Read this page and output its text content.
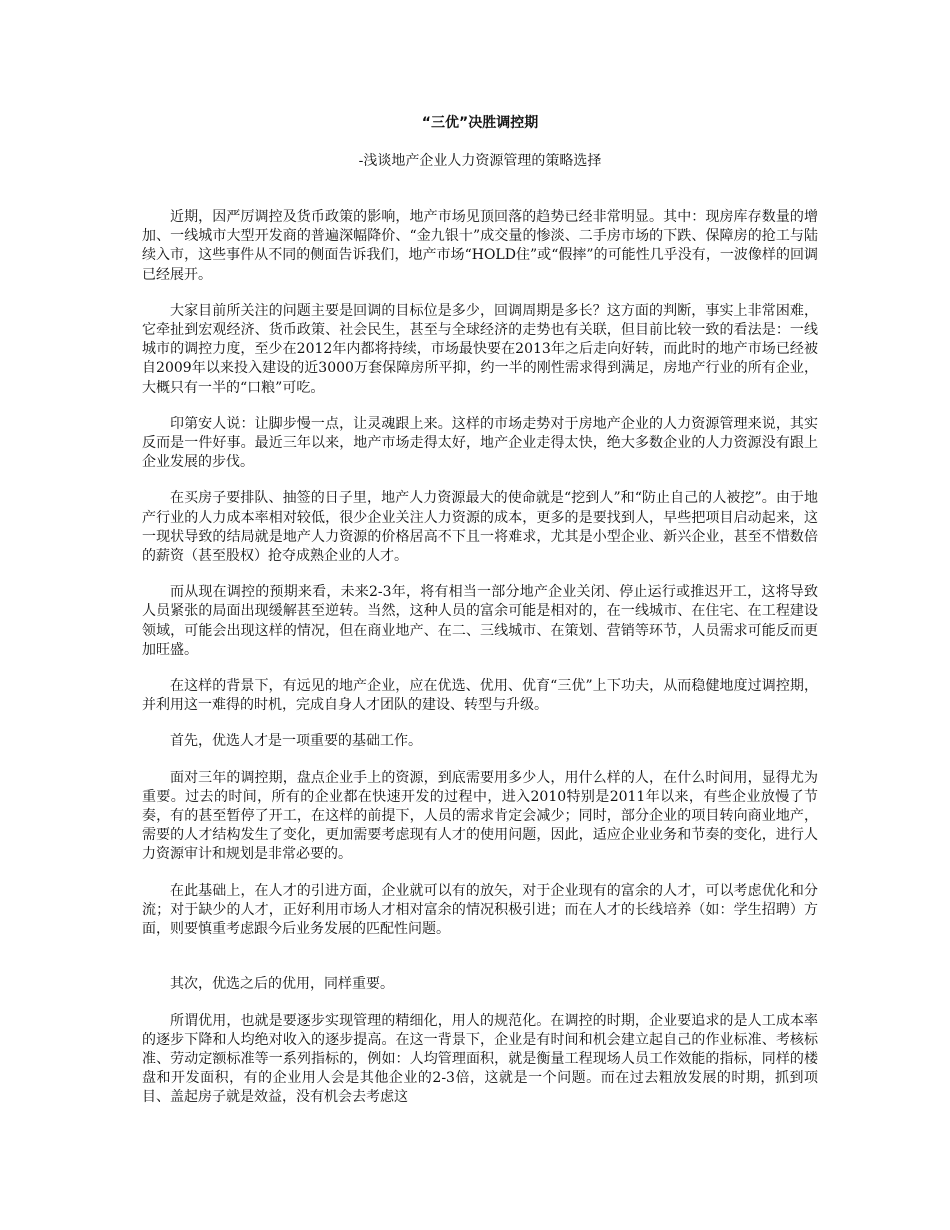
“三优”决胜调控期
-浅谈地产企业人力资源管理的策略选择

近期，因严厉调控及货币政策的影响，地产市场见顶回落的趋势已经非常明显。其中：现房库存数量的增加、一线城市大型开发商的普遍深幅降价、“金九银十”成交量的惨淡、二手房市场的下跌、保障房的抢工与陆续入市，这些事件从不同的侧面告诉我们，地产市场“HOLD住”或“假摔”的可能性几乎没有，一波像样的回调已经展开。

大家目前所关注的问题主要是回调的目标位是多少，回调周期是多长？这方面的判断，事实上非常困难，它牵扯到宏观经济、货币政策、社会民生，甚至与全球经济的走势也有关联，但目前比较一致的看法是：一线城市的调控力度，至少在2012年内都将持续，市场最快要在2013年之后走向好转，而此时的地产市场已经被自2009年以来投入建设的近3000万套保障房所平抑，约一半的刚性需求得到满足，房地产行业的所有企业，大概只有一半的“口粮”可吃。

印第安人说：让脚步慢一点，让灵魂跟上来。这样的市场走势对于房地产企业的人力资源管理来说，其实反而是一件好事。最近三年以来，地产市场走得太好，地产企业走得太快，绝大多数企业的人力资源没有跟上企业发展的步伐。

在买房子要排队、抽签的日子里，地产人力资源最大的使命就是“挖到人”和“防止自己的人被挖”。由于地产行业的人力成本率相对较低，很少企业关注人力资源的成本，更多的是要找到人，早些把项目启动起来，这一现状导致的结局就是地产人力资源的价格居高不下且一将难求，尤其是小型企业、新兴企业，甚至不惜数倍的薪资（甚至股权）抢夺成熟企业的人才。

而从现在调控的预期来看，未来2-3年，将有相当一部分地产企业关闭、停止运行或推迟开工，这将导致人员紧张的局面出现缓解甚至逆转。当然，这种人员的富余可能是相对的，在一线城市、在住宅、在工程建设领域，可能会出现这样的情况，但在商业地产、在二、三线城市、在策划、营销等环节，人员需求可能反而更加旺盛。

在这样的背景下，有远见的地产企业，应在优选、优用、优育“三优”上下功夫，从而稳健地度过调控期，并利用这一难得的时机，完成自身人才团队的建设、转型与升级。

首先，优选人才是一项重要的基础工作。

面对三年的调控期，盘点企业手上的资源，到底需要用多少人，用什么样的人，在什么时间用，显得尤为重要。过去的时间，所有的企业都在快速开发的过程中，进入2010特别是2011年以来，有些企业放慢了节奏，有的甚至暂停了开工，在这样的前提下，人员的需求肯定会减少；同时，部分企业的项目转向商业地产，需要的人才结构发生了变化，更加需要考虑现有人才的使用问题，因此，适应企业业务和节奏的变化，进行人力资源审计和规划是非常必要的。

在此基础上，在人才的引进方面，企业就可以有的放矢，对于企业现有的富余的人才，可以考虑优化和分流；对于缺少的人才，正好利用市场人才相对富余的情况积极引进；而在人才的长线培养（如：学生招聘）方面，则要慎重考虑跟今后业务发展的匹配性问题。

其次，优选之后的优用，同样重要。

所谓优用，也就是要逐步实现管理的精细化，用人的规范化。在调控的时期，企业要追求的是人工成本率的逐步下降和人均绝对收入的逐步提高。在这一背景下，企业是有时间和机会建立起自己的作业标准、考核标准、劳动定额标准等一系列指标的，例如：人均管理面积，就是衡量工程现场人员工作效能的指标，同样的楼盘和开发面积，有的企业用人会是其他企业的2-3倍，这就是一个问题。而在过去粗放发展的时期，抓到项目、盖起房子就是效益，没有机会去考虑这
